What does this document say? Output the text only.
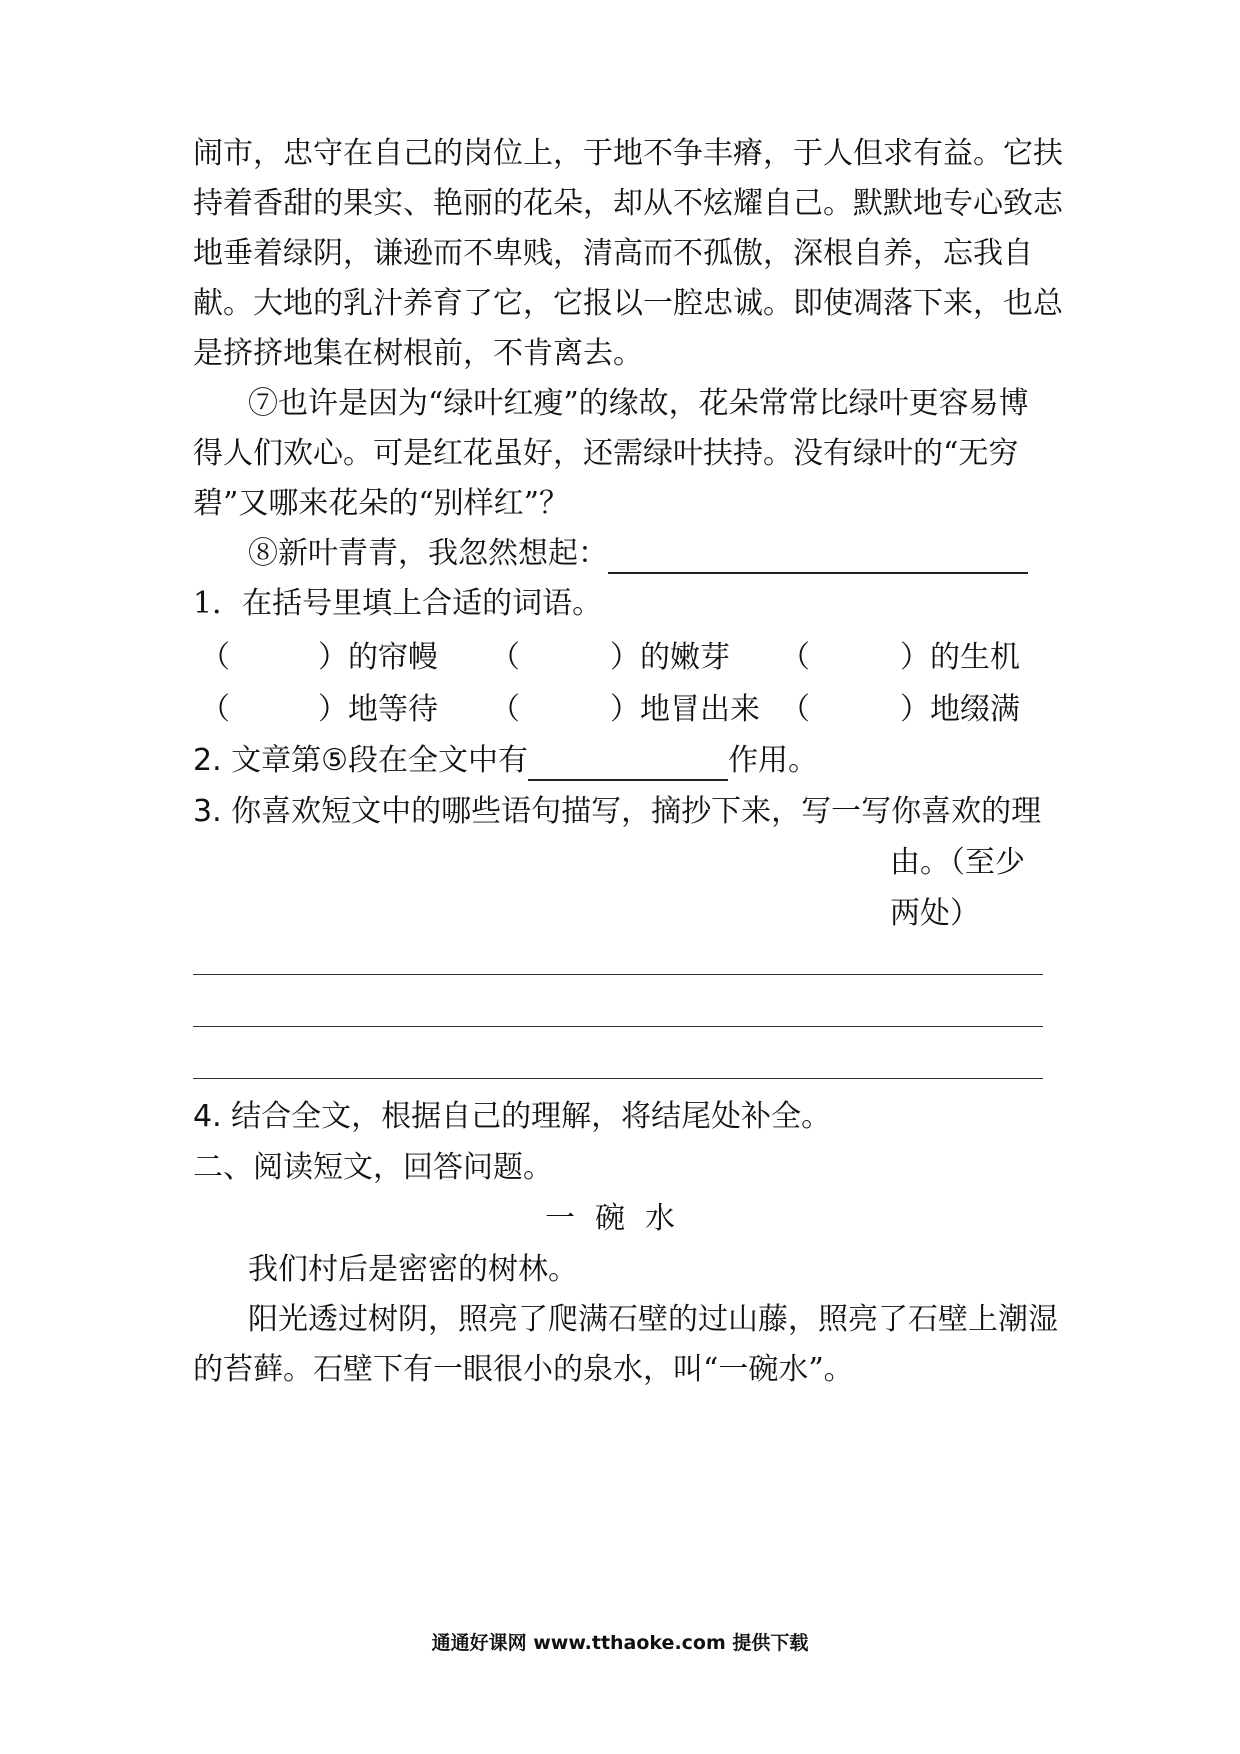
闹市，忠守在自己的岗位上，于地不争丰瘠，于人但求有益。它扶
持着香甜的果实、艳丽的花朵，却从不炫耀自己。默默地专心致志
地垂着绿阴，谦逊而不卑贱，清高而不孤傲，深根自养，忘我自
献。大地的乳汁养育了它，它报以一腔忠诚。即使凋落下来，也总
是挤挤地集在树根前，不肯离去。
⑦也许是因为“绿叶红瘦”的缘故，花朵常常比绿叶更容易博
得人们欢心。可是红花虽好，还需绿叶扶持。没有绿叶的“无穷
碧”又哪来花朵的“别样红”？
⑧新叶青青，我忽然想起：
1．在括号里填上合适的词语。
（	）的帘幔 （	）的嫩芽 （	）的生机
（	）地等待 （	）地冒出来 （	）地缀满
2. 文章第⑤段在全文中有	作用。
3. 你喜欢短文中的哪些语句描写，摘抄下来，写一写你喜欢的理
由。（至少
两处）
4. 结合全文，根据自己的理解，将结尾处补全。
二、阅读短文，回答问题。
一碗水
我们村后是密密的树林。
阳光透过树阴，照亮了爬满石壁的过山藤，照亮了石壁上潮湿
的苔藓。石壁下有一眼很小的泉水，叫“一碗水”。
通通好课网 www.tthaoke.com 提供下载
